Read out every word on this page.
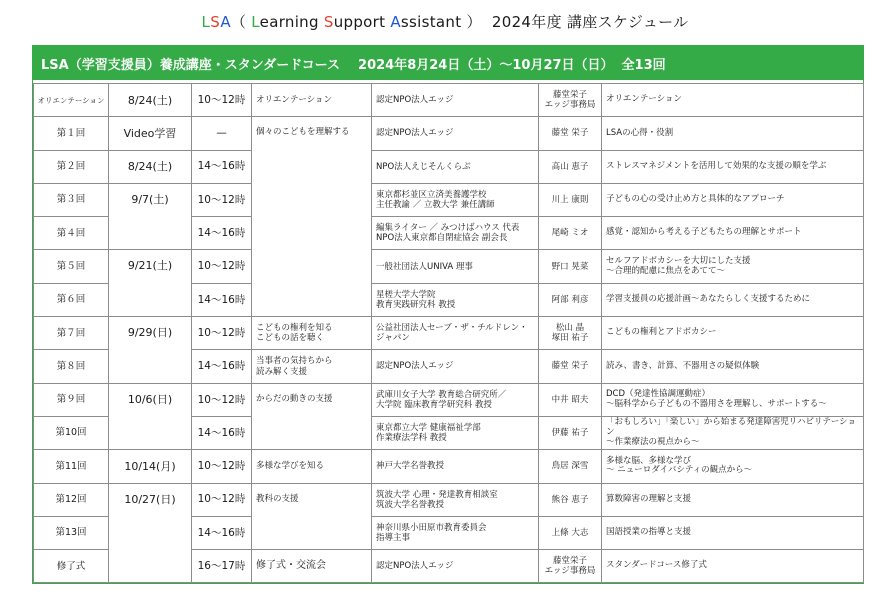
LSA（ Learning Support Assistant ）  2024年度 講座スケジュール
LSA（学習支援員）養成講座・スタンダードコース 2024年8月24日（土）～10月27日（日） 全13回
オリエンテーション	8/24(土)	10～12時	オリエンテーション	認定NPO法人エッジ	藤堂栄子
エッジ事務局	オリエンテーション
第１回	Video学習	—	個々のこどもを理解する	認定NPO法人エッジ	藤堂 栄子	LSAの心得・役割
第２回	8/24(土)	14～16時		NPO法人えじそんくらぶ	高山 恵子	ストレスマネジメントを活用して効果的な支援の順を学ぶ
第３回	9/7(土)	10～12時		東京都杉並区立済美養護学校
主任教諭 ／ 立教大学 兼任講師	川上 康則	子どもの心の受け止め方と具体的なアプローチ
第４回		14～16時		編集ライター ／ みつけばハウス 代表
NPO法人東京都自閉症協会 副会長	尾崎 ミオ	感覚・認知から考える子どもたちの理解とサポート
第５回	9/21(土)	10～12時		一般社団法人UNIVA 理事	野口 晃菜	セルフアドボカシーを大切にした支援
～合理的配慮に焦点をあてて～
第６回		14～16時		星槎大学大学院
教育実践研究科 教授	阿部 利彦	学習支援員の応援計画～あなたらしく支援するために
第７回	9/29(日)	10～12時	こどもの権利を知る
こどもの話を聴く	公益社団法人セーブ・ザ・チルドレン・
ジャパン	松山 晶
塚田 祐子	こどもの権利とアドボカシー
第８回		14～16時	当事者の気持ちから
読み解く支援	認定NPO法人エッジ	藤堂 栄子	読み、書き、計算、不器用さの疑似体験
第９回	10/6(日)	10～12時	からだの動きの支援	武庫川女子大学 教育総合研究所／
大学院 臨床教育学研究科 教授	中井 昭夫	DCD（発達性協調運動症）
～脳科学から子どもの不器用さを理解し、サポートする～
第10回		14～16時		東京都立大学 健康福祉学部
作業療法学科 教授	伊藤 祐子	「おもしろい」「楽しい」から始まる発達障害児リハビリテーション
～作業療法の視点から～
第11回	10/14(月)	10～12時	多様な学びを知る	神戸大学名誉教授	鳥居 深雪	多様な脳、多様な学び
～ ニューロダイバシティの観点から～
第12回	10/27(日)	10～12時	教科の支援	筑波大学 心理・発達教育相談室
筑波大学名誉教授	熊谷 恵子	算数障害の理解と支援
第13回		14～16時		神奈川県小田原市教育委員会
指導主事	上條 大志	国語授業の指導と支援
修了式		16～17時	修了式・交流会	認定NPO法人エッジ	藤堂栄子
エッジ事務局	スタンダードコース修了式
